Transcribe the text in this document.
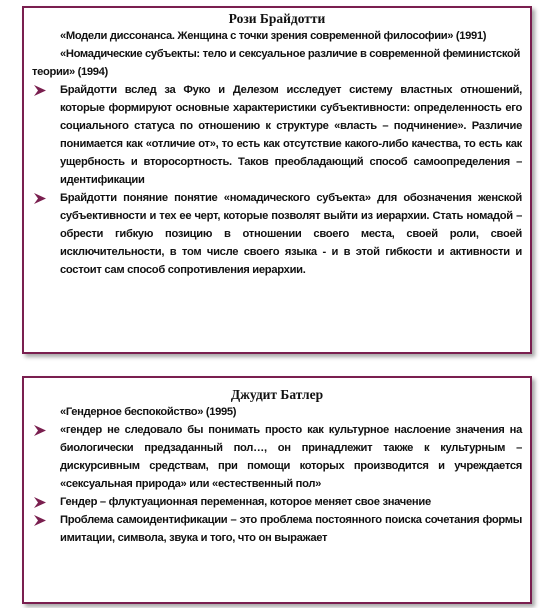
Рози Брайдотти

«Модели диссонанса. Женщина с точки зрения современной философии» (1991)

«Номадические субъекты: тело и сексуальное различие в современной феминистской теории» (1994)

Брайдотти вслед за Фуко и Делезом исследует систему властных отношений, которые формируют основные характеристики субъективности: определенность его социального статуса по отношению к структуре «власть – подчинение». Различие понимается как «отличие от», то есть как отсутствие какого-либо качества, то есть как ущербность и второсортность. Таков преобладающий способ самоопределения – идентификации
Брайдотти поняние понятие «номадического субъекта» для обозначения женской субъективности и тех ее черт, которые позволят выйти из иерархии. Стать номадой – обрести гибкую позицию в отношении своего места, своей роли, своей исключительности, в том числе своего языка - и в этой гибкости и активности и состоит сам способ сопротивления иерархии.

Джудит Батлер

«Гендерное беспокойство» (1995)

«гендер не следовало бы понимать просто как культурное наслоение значения на биологически предзаданный пол…, он принадлежит также к культурным – дискурсивным средствам, при помощи которых производится и учреждается «сексуальная природа» или «естественный пол»
Гендер – флуктуационная переменная, которое меняет свое значение
Проблема самоидентификации – это проблема постоянного поиска сочетания формы имитации, символа, звука и того, что он выражает
